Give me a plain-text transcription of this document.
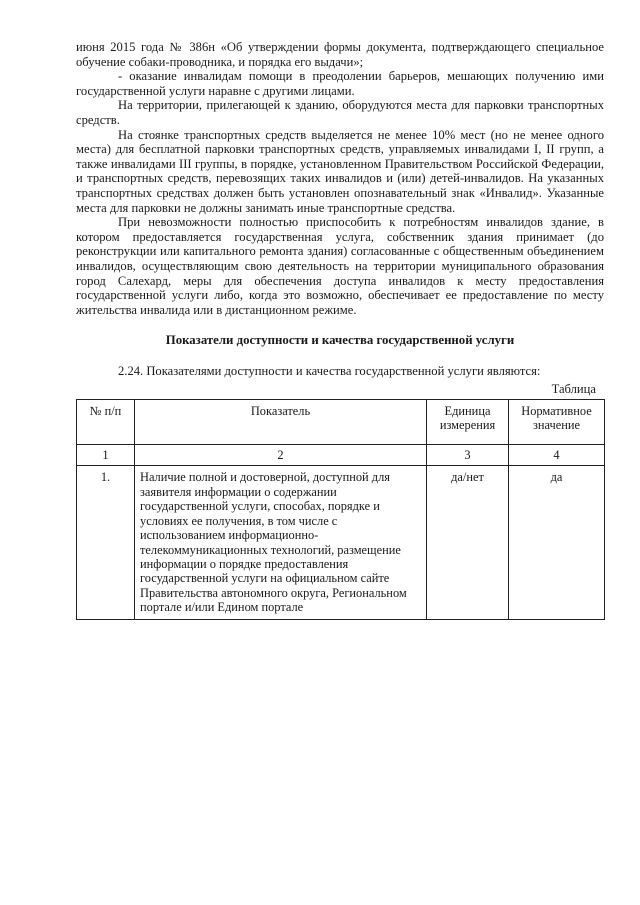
июня 2015 года № 386н «Об утверждении формы документа, подтверждающего специальное обучение собаки-проводника, и порядка его выдачи»;

- оказание инвалидам помощи в преодолении барьеров, мешающих получению ими государственной услуги наравне с другими лицами.

На территории, прилегающей к зданию, оборудуются места для парковки транспортных средств.

На стоянке транспортных средств выделяется не менее 10% мест (но не менее одного места) для бесплатной парковки транспортных средств, управляемых инвалидами I, II групп, а также инвалидами III группы, в порядке, установленном Правительством Российской Федерации, и транспортных средств, перевозящих таких инвалидов и (или) детей-инвалидов. На указанных транспортных средствах должен быть установлен опознавательный знак «Инвалид». Указанные места для парковки не должны занимать иные транспортные средства.

При невозможности полностью приспособить к потребностям инвалидов здание, в котором предоставляется государственная услуга, собственник здания принимает (до реконструкции или капитального ремонта здания) согласованные с общественным объединением инвалидов, осуществляющим свою деятельность на территории муниципального образования город Салехард, меры для обеспечения доступа инвалидов к месту предоставления государственной услуги либо, когда это возможно, обеспечивает ее предоставление по месту жительства инвалида или в дистанционном режиме.

Показатели доступности и качества государственной услуги

2.24. Показателями доступности и качества государственной услуги являются:

Таблица

№ п/п	Показатель	Единица измерения	Нормативное значение
1	2	3	4
1.	Наличие полной и достоверной, доступной для заявителя информации о содержании государственной услуги, способах, порядке и условиях ее получения, в том числе с использованием информационно-телекоммуникационных технологий, размещение информации о порядке предоставления государственной услуги на официальном сайте Правительства автономного округа, Региональном портале и/или Едином портале	да/нет	да
